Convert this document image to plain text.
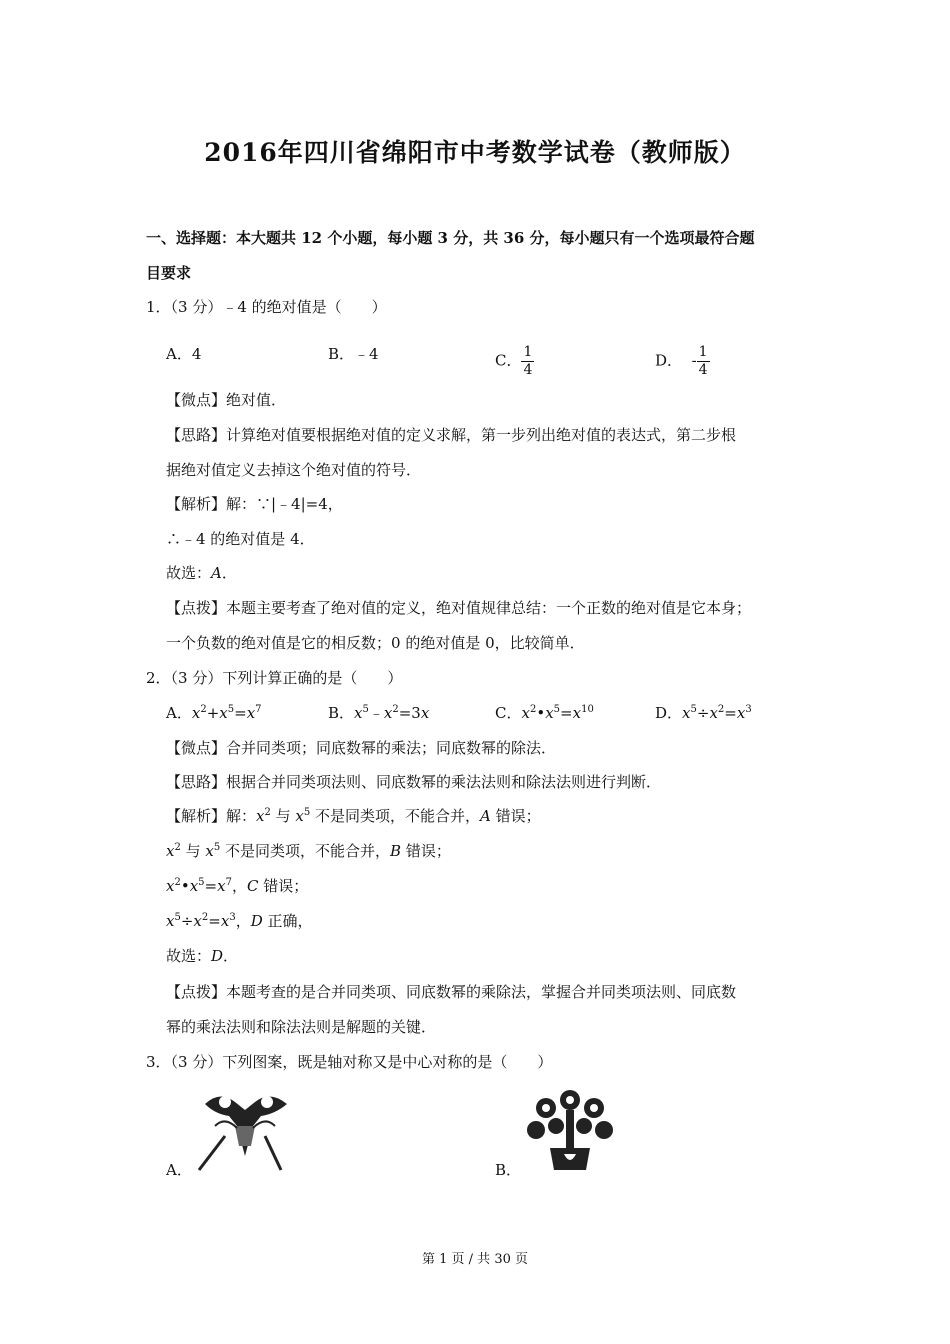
2016年四川省绵阳市中考数学试卷（教师版）
一、选择题：本大题共 12 个小题，每小题 3 分，共 36 分，每小题只有一个选项最符合题
目要求
1．（3 分）﹣4 的绝对值是（　　）
A．4	B．﹣4	C． $\frac{1}{4}$	D． - $\frac{1}{4}$
【微点】绝对值．
【思路】计算绝对值要根据绝对值的定义求解，第一步列出绝对值的表达式，第二步根
据绝对值定义去掉这个绝对值的符号．
【解析】解：∵|﹣4|=4，
∴﹣4 的绝对值是 4．
故选：A．
【点拨】本题主要考查了绝对值的定义，绝对值规律总结：一个正数的绝对值是它本身；
一个负数的绝对值是它的相反数；0 的绝对值是 0，比较简单．
2．（3 分）下列计算正确的是（　　）
A．$x^2+x^5=x^7$	B．$x^5﹣x^2=3x$	C．$x^2•x^5=x^{10}$	D．$x^5\div x^2=x^3$
【微点】合并同类项；同底数幂的乘法；同底数幂的除法．
【思路】根据合并同类项法则、同底数幂的乘法法则和除法法则进行判断．
【解析】解：$x^2$ 与 $x^5$ 不是同类项，不能合并，A 错误；
$x^2$ 与 $x^5$ 不是同类项，不能合并，B 错误；
$x^2•x^5=x^7$，C 错误；
$x^5\div x^2=x^3$，D 正确，
故选：D．
【点拨】本题考查的是合并同类项、同底数幂的乘除法，掌握合并同类项法则、同底数
幂的乘法法则和除法法则是解题的关键．
3．（3 分）下列图案，既是轴对称又是中心对称的是（　　）
A．	B．
第 1 页 / 共 30 页
